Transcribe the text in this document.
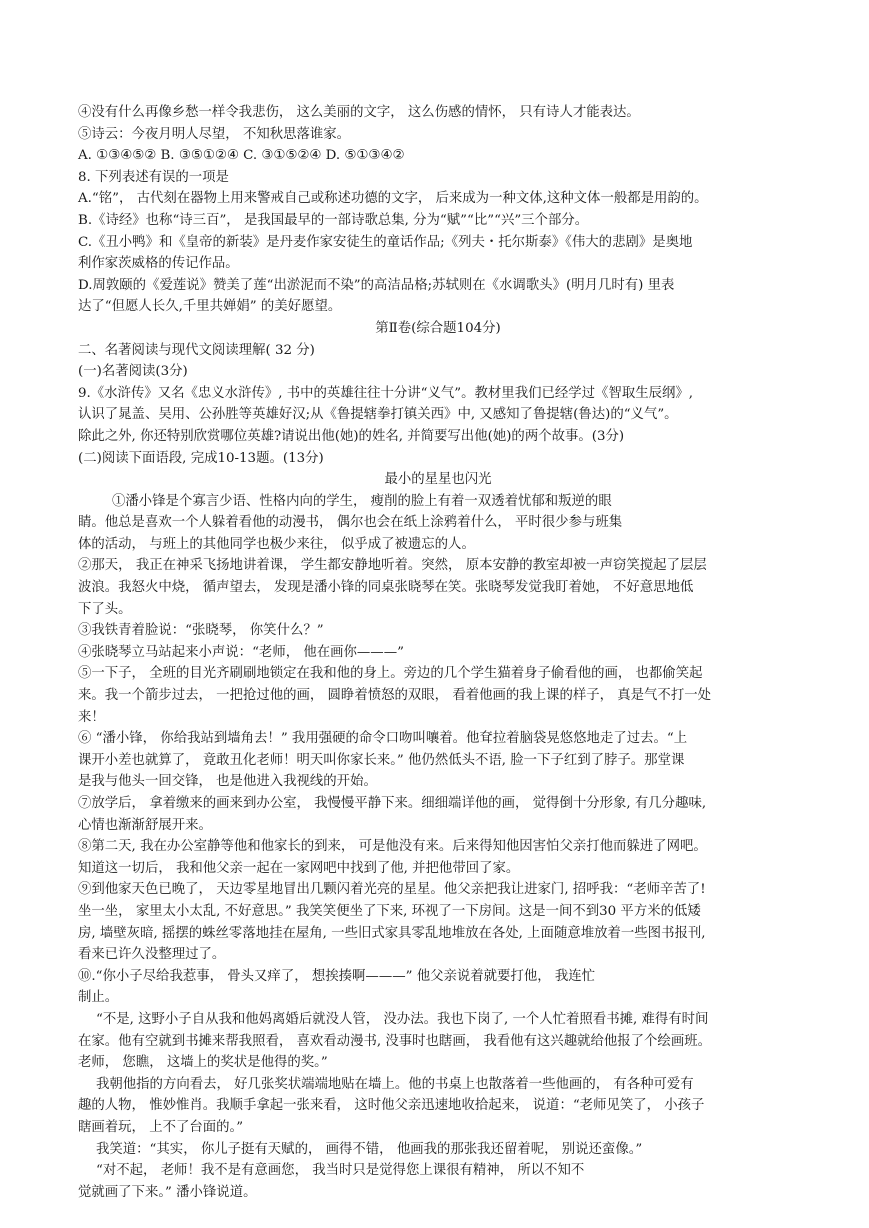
④没有什么再像乡愁一样令我悲伤， 这么美丽的文字， 这么伤感的情怀， 只有诗人才能表达。
⑤诗云：今夜月明人尽望， 不知秋思落谁家。
A. ①③④⑤② B. ③⑤①②④ C. ③①⑤②④ D. ⑤①③④②
8. 下列表述有误的一项是
A.“铭”， 古代刻在器物上用来警戒自己或称述功德的文字， 后来成为一种文体,这种文体一般都是用韵的。
B.《诗经》也称“诗三百”， 是我国最早的一部诗歌总集, 分为“赋”“比”“兴”三个部分。
C.《丑小鸭》和《皇帝的新装》是丹麦作家安徒生的童话作品;《列夫・托尔斯泰》《伟大的悲剧》是奥地
利作家茨威格的传记作品。
D.周敦颐的《爱莲说》赞美了莲“出淤泥而不染”的高洁品格;苏轼则在《水调歌头》(明月几时有) 里表
达了“但愿人长久,千里共婵娟” 的美好愿望。
第Ⅱ卷(综合题104分)
二、名著阅读与现代文阅读理解( 32 分)
(一)名著阅读(3分)
9.《水浒传》又名《忠义水浒传》, 书中的英雄往往十分讲“义气”。教材里我们已经学过《智取生辰纲》,
认识了晁盖、吴用、公孙胜等英雄好汉;从《鲁提辖拳打镇关西》中, 又感知了鲁提辖(鲁达)的“义气”。
除此之外, 你还特别欣赏哪位英雄?请说出他(她)的姓名, 并简要写出他(她)的两个故事。(3分)
(二)阅读下面语段, 完成10-13题。(13分)
最小的星星也闪光
①潘小锋是个寡言少语、性格内向的学生， 瘦削的脸上有着一双透着忧郁和叛逆的眼
睛。他总是喜欢一个人躲着看他的动漫书， 偶尔也会在纸上涂鸦着什么， 平时很少参与班集
体的活动， 与班上的其他同学也极少来往， 似乎成了被遗忘的人。
②那天， 我正在神采飞扬地讲着课， 学生都安静地听着。突然， 原本安静的教室却被一声窃笑搅起了层层
波浪。我怒火中烧， 循声望去， 发现是潘小锋的同桌张晓琴在笑。张晓琴发觉我盯着她， 不好意思地低
下了头。
③我铁青着脸说：“张晓琴， 你笑什么？”
④张晓琴立马站起来小声说：“老师， 他在画你———”
⑤一下子， 全班的目光齐刷刷地锁定在我和他的身上。旁边的几个学生猫着身子偷看他的画， 也都偷笑起
来。我一个箭步过去， 一把抢过他的画， 圆睁着愤怒的双眼， 看着他画的我上课的样子， 真是气不打一处
来！
⑥ “潘小锋， 你给我站到墙角去！” 我用强硬的命令口吻叫嚷着。他耷拉着脑袋晃悠悠地走了过去。“上
课开小差也就算了， 竟敢丑化老师！明天叫你家长来。” 他仍然低头不语, 脸一下子红到了脖子。那堂课
是我与他头一回交锋， 也是他进入我视线的开始。
⑦放学后， 拿着缴来的画来到办公室， 我慢慢平静下来。细细端详他的画， 觉得倒十分形象, 有几分趣味,
心情也渐渐舒展开来。
⑧第二天, 我在办公室静等他和他家长的到来， 可是他没有来。后来得知他因害怕父亲打他而躲进了网吧。
知道这一切后， 我和他父亲一起在一家网吧中找到了他, 并把他带回了家。
⑨到他家天色已晚了， 天边零星地冒出几颗闪着光亮的星星。他父亲把我让进家门, 招呼我：“老师辛苦了!
坐一坐， 家里太小太乱, 不好意思。” 我笑笑便坐了下来, 环视了一下房间。这是一间不到30 平方米的低矮
房, 墙壁灰暗, 摇摆的蛛丝零落地挂在屋角, 一些旧式家具零乱地堆放在各处, 上面随意堆放着一些图书报刊,
看来已许久没整理过了。
⑩.“你小子尽给我惹事， 骨头又痒了， 想挨揍啊———” 他父亲说着就要打他， 我连忙
制止。
“不是, 这野小子自从我和他妈离婚后就没人管， 没办法。我也下岗了, 一个人忙着照看书摊, 难得有时间
在家。他有空就到书摊来帮我照看， 喜欢看动漫书, 没事时也瞎画， 我看他有这兴趣就给他报了个绘画班。
老师， 您瞧， 这墙上的奖状是他得的奖。”
我朝他指的方向看去， 好几张奖状端端地贴在墙上。他的书桌上也散落着一些他画的， 有各种可爱有
趣的人物， 惟妙惟肖。我顺手拿起一张来看， 这时他父亲迅速地收拾起来， 说道：“老师见笑了， 小孩子
瞎画着玩， 上不了台面的。”
我笑道：“其实， 你儿子挺有天赋的， 画得不错， 他画我的那张我还留着呢， 别说还蛮像。”
“对不起， 老师！我不是有意画您， 我当时只是觉得您上课很有精神， 所以不知不
觉就画了下来。” 潘小锋说道。
